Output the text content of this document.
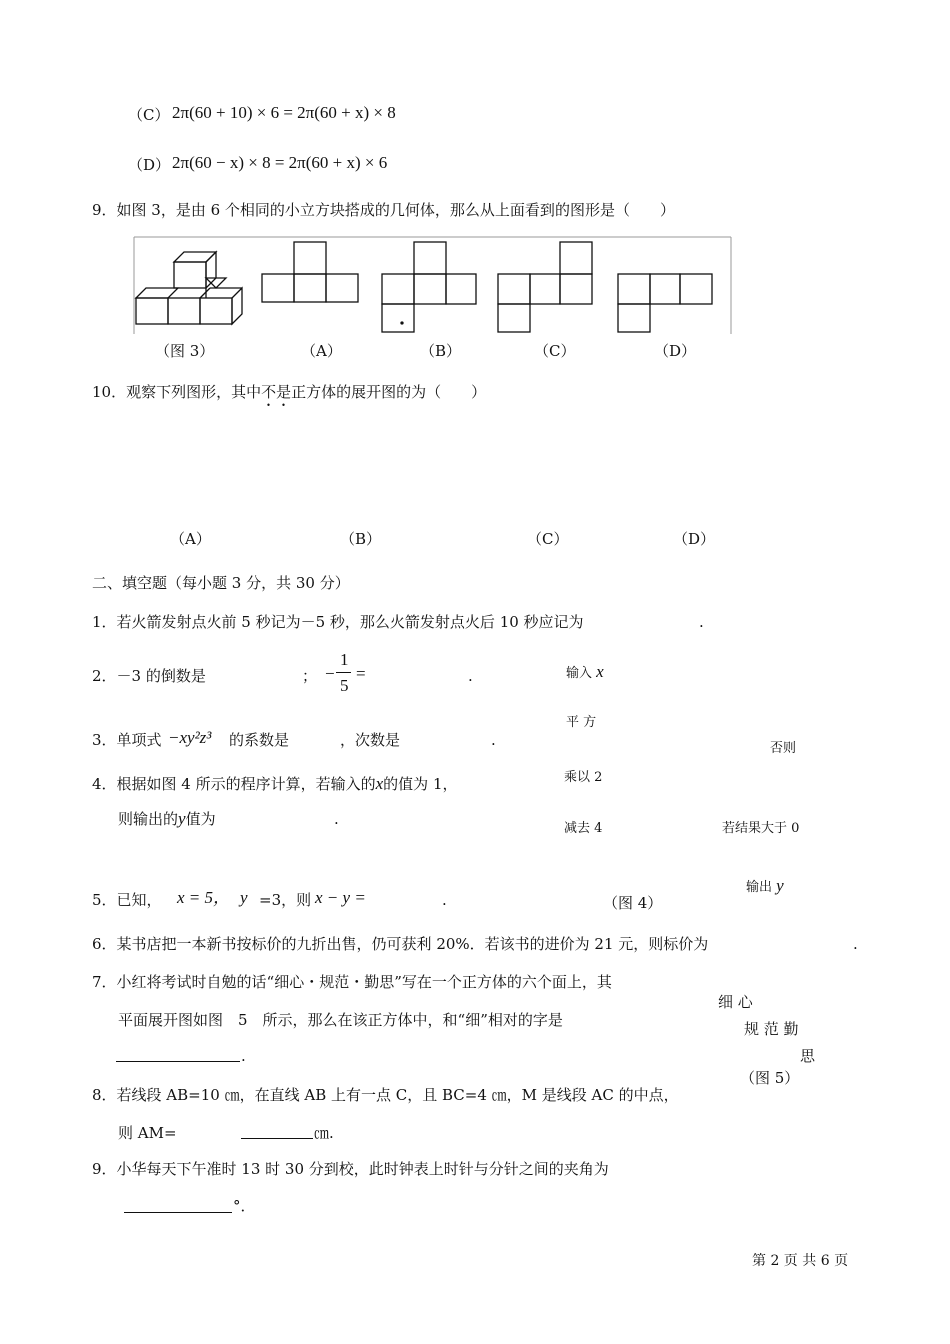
（C） 2π(60 + 10) × 6 = 2π(60 + x) × 8
（D） 2π(60 − x) × 8 = 2π(60 + x) × 6
9．如图 3，是由 6 个相同的小立方块搭成的几何体，那么从上面看到的图形是（　　）
（图 3）	（A）	（B）	（C）	（D）
10．观察下列图形，其中不是正方体的展开图的为（　　）
（A）	（B）	（C）	（D）
二、填空题（每小题 3 分，共 30 分）
1．若火箭发射点火前 5 秒记为－5 秒，那么火箭发射点火后 10 秒应记为	.
2．－3 的倒数是	； −
1
5
=	.
3．单项式 −xy²z³ 的系数是	，次数是	.
4．根据如图 4 所示的程序计算，若输入的x的值为 1，
则输出的y值为	.
5．已知， x = 5， y =3，则 x − y =	.
输入 x
平 方
否则
乘以 2
减去 4	若结果大于 0
输出 y
（图 4）
6．某书店把一本新书按标价的九折出售，仍可获利 20%．若该书的进价为 21 元，则标价为	.
7．小红将考试时自勉的话“细心・规范・勤思”写在一个正方体的六个面上，其
平面展开图如图　5　所示，那么在该正方体中，和“细”相对的字是
.
细 心
规 范 勤
思
（图 5）
8．若线段 AB=10 ㎝，在直线 AB 上有一点 C，且 BC=4 ㎝，M 是线段 AC 的中点，
则 AM=	㎝.
9．小华每天下午准时 13 时 30 分到校，此时钟表上时针与分针之间的夹角为
°．
第 2 页 共 6 页
